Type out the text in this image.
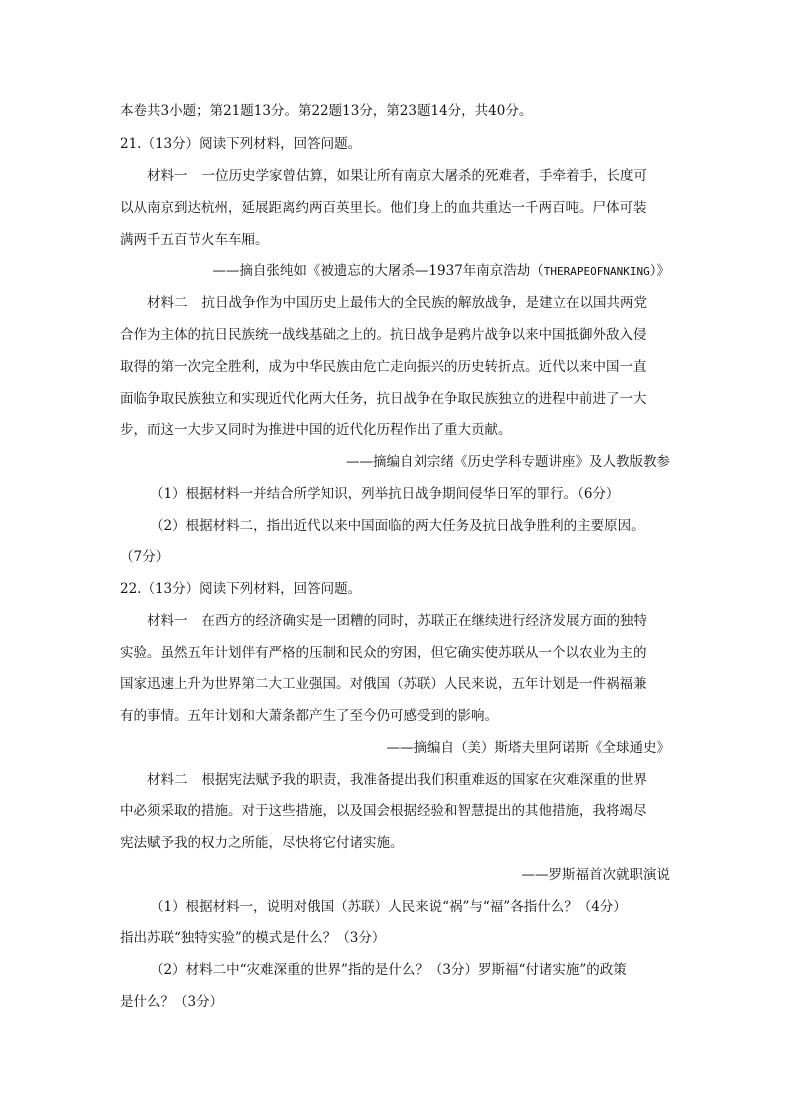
本卷共3小题；第21题13分。第22题13分，第23题14分，共40分。
21.（13分）阅读下列材料，回答问题。
材料一 一位历史学家曾估算，如果让所有南京大屠杀的死难者，手牵着手，长度可
以从南京到达杭州，延展距离约两百英里长。他们身上的血共重达一千两百吨。尸体可装
满两千五百节火车车厢。
——摘自张纯如《被遗忘的大屠杀—1937年南京浩劫（THERAPEOFNANKING）》
材料二 抗日战争作为中国历史上最伟大的全民族的解放战争，是建立在以国共两党
合作为主体的抗日民族统一战线基础之上的。抗日战争是鸦片战争以来中国抵御外敌入侵
取得的第一次完全胜利，成为中华民族由危亡走向振兴的历史转折点。近代以来中国一直
面临争取民族独立和实现近代化两大任务，抗日战争在争取民族独立的进程中前进了一大
步，而这一大步又同时为推进中国的近代化历程作出了重大贡献。
——摘编自刘宗绪《历史学科专题讲座》及人教版教参
（1）根据材料一并结合所学知识，列举抗日战争期间侵华日军的罪行。（6分）
（2）根据材料二，指出近代以来中国面临的两大任务及抗日战争胜利的主要原因。
（7分）
22.（13分）阅读下列材料，回答问题。
材料一 在西方的经济确实是一团糟的同时，苏联正在继续进行经济发展方面的独特
实验。虽然五年计划伴有严格的压制和民众的穷困，但它确实使苏联从一个以农业为主的
国家迅速上升为世界第二大工业强国。对俄国（苏联）人民来说，五年计划是一件祸福兼
有的事情。五年计划和大萧条都产生了至今仍可感受到的影响。
——摘编自（美）斯塔夫里阿诺斯《全球通史》
材料二 根据宪法赋予我的职责，我准备提出我们积重难返的国家在灾难深重的世界
中必须采取的措施。对于这些措施，以及国会根据经验和智慧提出的其他措施，我将竭尽
宪法赋予我的权力之所能，尽快将它付诸实施。
——罗斯福首次就职演说
（1）根据材料一，说明对俄国（苏联）人民来说“祸”与“福”各指什么？（4分）
指出苏联“独特实验”的模式是什么？（3分）
（2）材料二中“灾难深重的世界”指的是什么？（3分）罗斯福“付诸实施”的政策
是什么？（3分）
